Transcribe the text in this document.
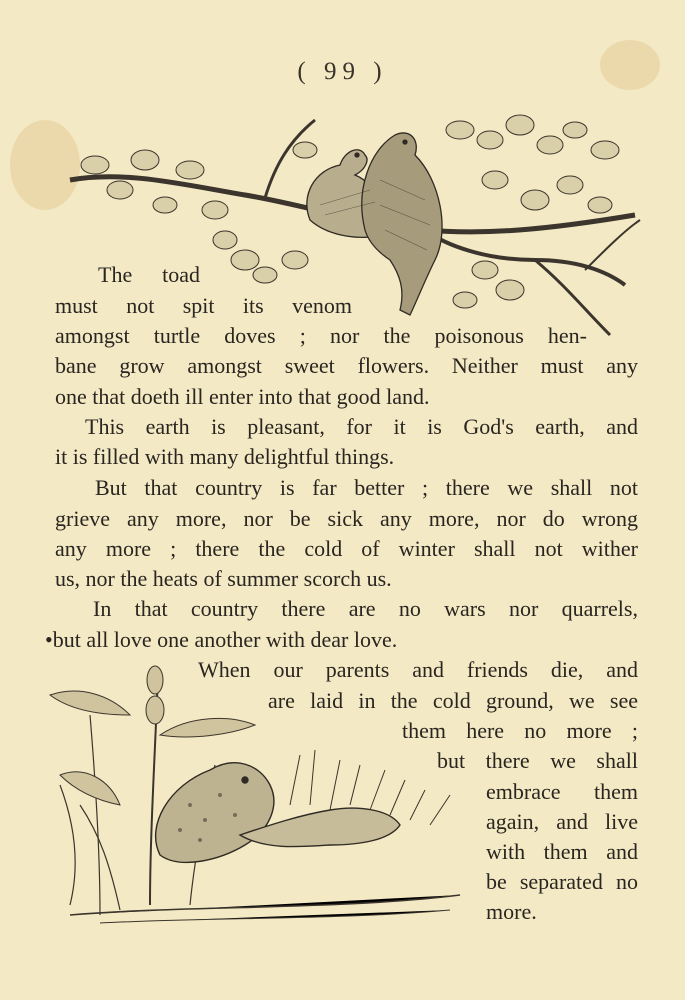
( 99 )
The toad
must not spit its venom
amongst turtle doves ; nor the poisonous hen-
bane grow amongst sweet flowers. Neither must any
one that doeth ill enter into that good land.
This earth is pleasant, for it is God's earth, and
it is filled with many delightful things.
But that country is far better ; there we shall not
grieve any more, nor be sick any more, nor do wrong
any more ; there the cold of winter shall not wither
us, nor the heats of summer scorch us.
In that country there are no wars nor quarrels,
•but all love one another with dear love.
When our parents and friends die, and
are laid in the cold ground, we see
them here no more ;
but there we shall
embrace them
again, and live
with them and
be separated no
more.
